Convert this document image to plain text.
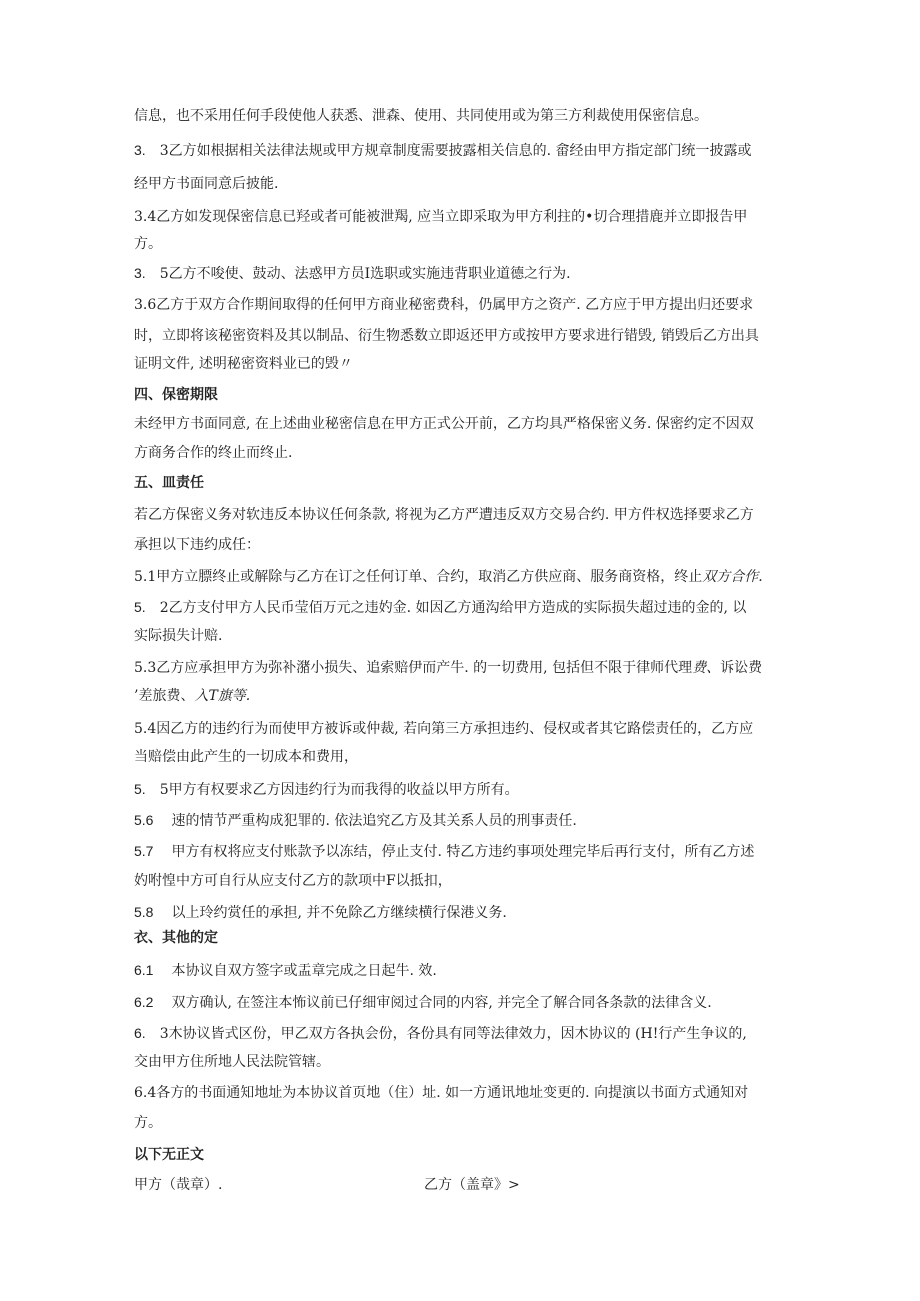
信息，也不采用任何手段使他人获悉、泄森、使用、共同使用或为第三方利裁使用保密信息。
3. 3乙方如根据相关法律法规或甲方规章制度需要披露相关信息的. 畲经由甲方指定部门统一披露或
经甲方书面同意后披能.
3.4乙方如发现保密信息已羟或者可能被泄羯, 应当立即采取为甲方利拄的•切合理措鹿并立即报告甲
方。
3. 5乙方不唆使、鼓动、法惑甲方员I选职或实施违背职业道德之行为.
3.6乙方于双方合作期间取得的任何甲方商业秘密费科，仍属甲方之资产. 乙方应于甲方提出归还要求
时，立即将该秘密资料及其以制品、衍生物悉数立即返还甲方或按甲方要求进行错毁, 销毁后乙方出具
证明文件, 述明秘密资料业已的毁〃
四、保密期限
未经甲方书面同意, 在上述曲业秘密信息在甲方正式公开前，乙方均具严格保密义务. 保密约定不因双
方商务合作的终止而终止.
五、皿责任
若乙方保密义务对软违反本协议任何条款, 将视为乙方严遭违反双方交易合约. 甲方件权选择要求乙方
承担以下违约成任：
5.1甲方立膘终止或解除与乙方在订之任何订单、合约，取消乙方供应商、服务商资格，终止双方合作.
5. 2乙方支付甲方人民币莹佰万元之违妁金. 如因乙方通沟给甲方造成的实际损失超过违的金的, 以
实际损失计赔.
5.3乙方应承担甲方为弥补潴小损失、追索赔伊而产牛. 的一切费用, 包括但不限于律师代理费、诉讼费
’差旅费、入T旗等.
5.4因乙方的违约行为而使甲方被诉或仲裁, 若向第三方承担违约、侵权或者其它路偿责任的，乙方应
当赔偿由此产生的一切成本和费用，
5. 5甲方有权要求乙方因违约行为而我得的收益以甲方所有。
5.6 速的情节严重构成犯罪的. 依法追究乙方及其关系人员的刑事责任.
5.7 甲方有权将应支付账款予以冻结，停止支付. 特乙方违约事项处理完毕后再行支付，所有乙方述
妁咐惶中方可自行从应支付乙方的款项中F以抵扣，
5.8 以上玲约赏任的承担, 并不免除乙方继续横行保港义务.
衣、其他的定
6.1 本协议自双方签字或盂章完成之日起牛. 效.
6.2 双方确认, 在签注本怖议前已仔细审阅过合同的内容, 并完全了解合同各条款的法律含义.
6. 3木协议皆式区份，甲乙双方各执会份，各份具有同等法律效力，因木协议的 (H!行产生争议的,
交由甲方住所地人民法院管辖。
6.4各方的书面通知地址为本协议首页地（住）址. 如一方通讯地址变更的. 向提演以书面方式通知对
方。
以下无正文
甲方（哉章）.	乙方（盖章》>
